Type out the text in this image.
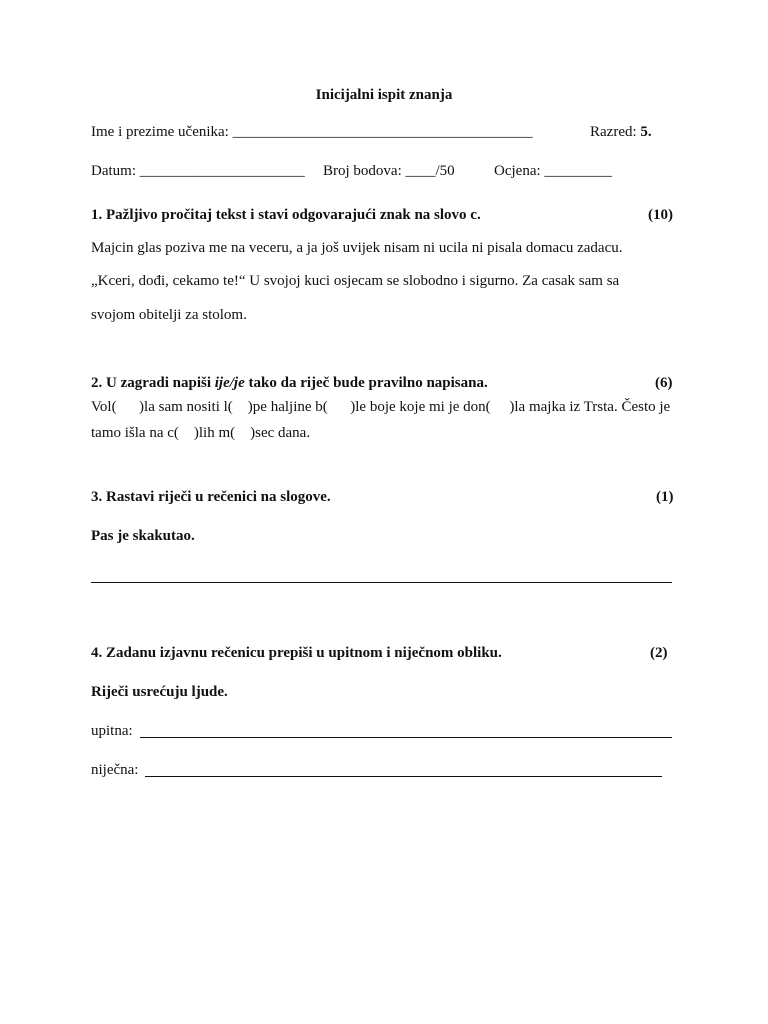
Inicijalni ispit znanja
Ime i prezime učenika: ________________________________________	Razred: 5.
Datum: ______________________ Broj bodova: ____/50	Ocjena: _________
1. Pažljivo pročitaj tekst i stavi odgovarajući znak na slovo c.	(10)
Majcin glas poziva me na veceru, a ja još uvijek nisam ni ucila ni pisala domacu zadacu.
„Kceri, dođi, cekamo te!“ U svojoj kuci osjecam se slobodno i sigurno. Za casak sam sa
svojom obitelji za stolom.
2. U zagradi napiši ije/je tako da riječ bude pravilno napisana.	(6)
Vol(      )la sam nositi l(    )pe haljine b(      )le boje koje mi je don(     )la majka iz Trsta. Često je
tamo išla na c(    )lih m(    )sec dana.
3. Rastavi riječi u rečenici na slogove.	(1)
Pas je skakutao.
4. Zadanu izjavnu rečenicu prepiši u upitnom i niječnom obliku.	(2)
Riječi usrećuju ljude.
upitna:
niječna:
